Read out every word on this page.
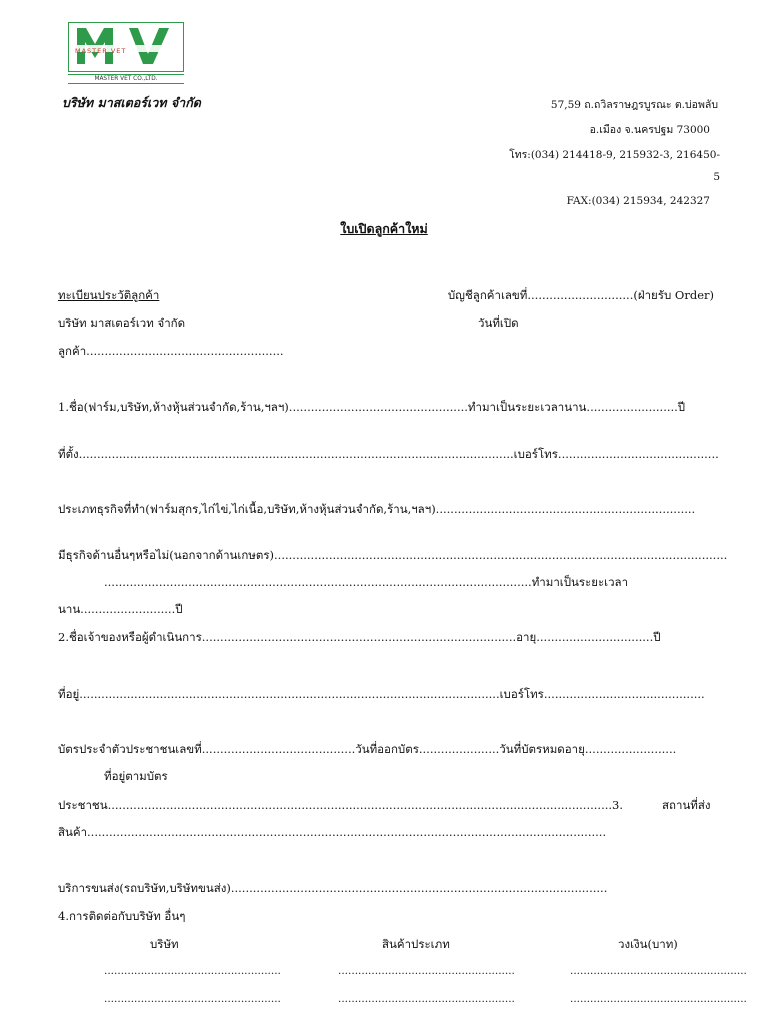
MASTER VET
MASTER VET CO.,LTD.
บริษัท มาสเตอร์เวท จำกัด	57,59 ถ.ถวิลราษฎรบูรณะ ต.บ่อพลับ
อ.เมือง จ.นครปฐม 73000
โทร:(034) 214418-9, 215932-3, 216450-
5
FAX:(034) 215934, 242327
ใบเปิดลูกค้าใหม่
ทะเบียนประวัติลูกค้า	บัญชีลูกค้าเลขที่.............................(ฝ่ายรับ Order)
บริษัท มาสเตอร์เวท จำกัด	วันที่เปิด
ลูกค้า......................................................
1.ชื่อ(ฟาร์ม,บริษัท,ห้างหุ้นส่วนจำกัด,ร้าน,ฯลฯ).................................................ทำมาเป็นระยะเวลานาน.........................ปี
ที่ตั้ง.......................................................................................................................เบอร์โทร............................................
ประเภทธุรกิจที่ทำ(ฟาร์มสุกร,ไก่ไข่,ไก่เนื้อ,บริษัท,ห้างหุ้นส่วนจำกัด,ร้าน,ฯลฯ).......................................................................
มีธุรกิจด้านอื่นๆหรือไม่(นอกจากด้านเกษตร)............................................................................................................................
.....................................................................................................................ทำมาเป็นระยะเวลา
นาน..........................ปี
2.ชื่อเจ้าของหรือผู้ดำเนินการ......................................................................................อายุ................................ปี
ที่อยู่...................................................................................................................เบอร์โทร............................................
บัตรประจำตัวประชาชนเลขที่..........................................วันที่ออกบัตร......................วันที่บัตรหมดอายุ.........................
ที่อยู่ตามบัตร
ประชาชน..........................................................................................................................................3.	สถานที่ส่ง
สินค้า..............................................................................................................................................
บริการขนส่ง(รถบริษัท,บริษัทขนส่ง).......................................................................................................
4.การติดต่อกับบริษัท อื่นๆ
บริษัท	สินค้าประเภท	วงเงิน(บาท)
.....................................................	.....................................................	.....................................................
.....................................................	.....................................................	.....................................................
